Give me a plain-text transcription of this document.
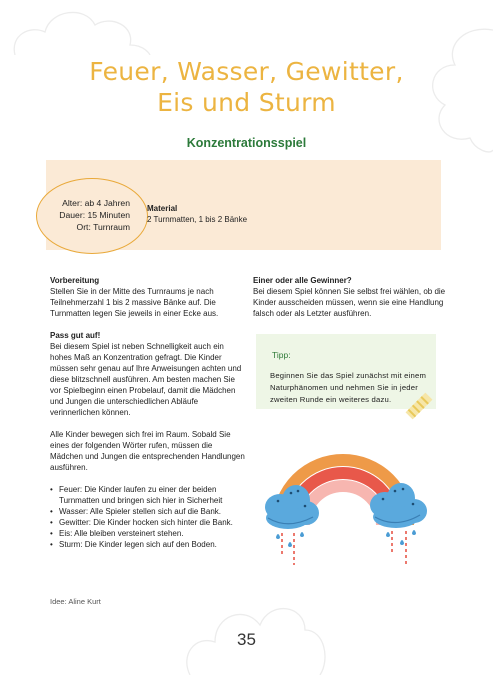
Feuer, Wasser, Gewitter,
Eis und Sturm
Konzentrationsspiel
Alter: ab 4 Jahren
Dauer: 15 Minuten
Ort: Turnraum
Material
2 Turnmatten, 1 bis 2 Bänke
Vorbereitung

Stellen Sie in der Mitte des Turnraums je nach Teilnehmerzahl 1 bis 2 massive Bänke auf. Die Turnmatten legen Sie jeweils in einer Ecke aus.

Pass gut auf!

Bei diesem Spiel ist neben Schnelligkeit auch ein hohes Maß an Konzentration gefragt. Die Kinder müssen sehr genau auf Ihre Anweisungen achten und diese blitzschnell ausführen. Am besten machen Sie vor Spielbeginn einen Probelauf, damit die Mädchen und Jungen die unterschiedlichen Abläufe verinnerlichen können.

Alle Kinder bewegen sich frei im Raum. Sobald Sie eines der folgenden Wörter rufen, müssen die Mädchen und Jungen die entsprechenden Handlungen ausführen.

• Feuer: Die Kinder laufen zu einer der beiden Turnmatten und bringen sich hier in Sicherheit
• Wasser: Alle Spieler stellen sich auf die Bank.
• Gewitter: Die Kinder hocken sich hinter die Bank.
• Eis: Alle bleiben versteinert stehen.
• Sturm: Die Kinder legen sich auf den Boden.
Einer oder alle Gewinner?

Bei diesem Spiel können Sie selbst frei wählen, ob die Kinder ausscheiden müssen, wenn sie eine Handlung falsch oder als Letzter ausführen.

Tipp:
Beginnen Sie das Spiel zunächst mit einem Naturphänomen und nehmen Sie in jeder zweiten Runde ein weiteres dazu.
Idee: Aline Kurt
35
